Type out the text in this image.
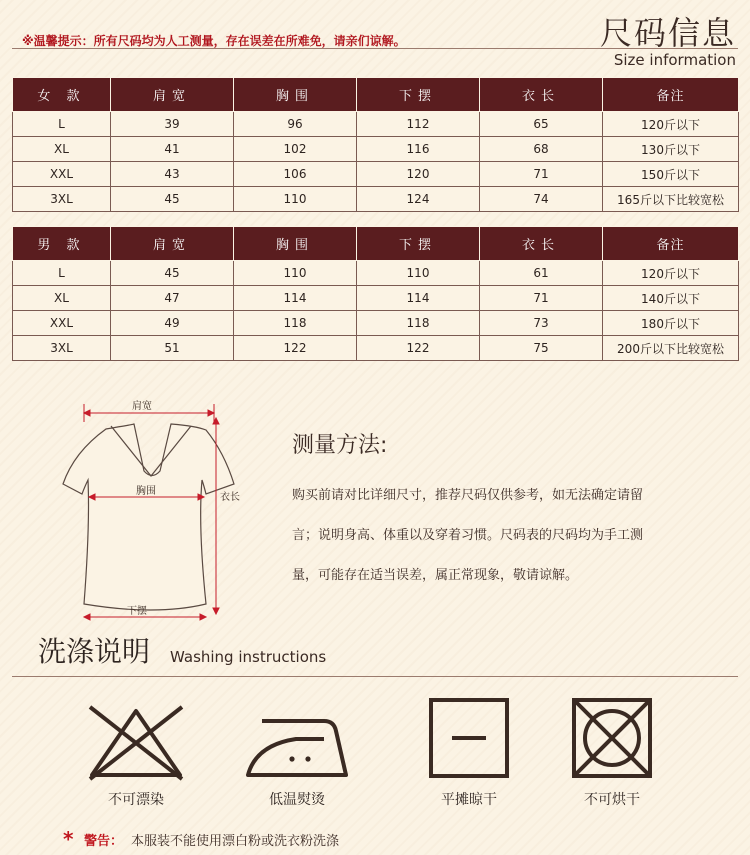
※温馨提示：所有尺码均为人工测量，存在误差在所难免，请亲们谅解。	尺码信息
Size information
女 款	肩宽	胸围	下摆	衣长	备注
L	39	96	112	65	120斤以下
XL	41	102	116	68	130斤以下
XXL	43	106	120	71	150斤以下
3XL	45	110	124	74	165斤以下比较宽松
男 款	肩宽	胸围	下摆	衣长	备注
L	45	110	110	61	120斤以下
XL	47	114	114	71	140斤以下
XXL	49	118	118	73	180斤以下
3XL	51	122	122	75	200斤以下比较宽松
肩宽
胸围
衣长
下摆
测量方法:
购买前请对比详细尺寸，推荐尺码仅供参考，如无法确定请留
言；说明身高、体重以及穿着习惯。尺码表的尺码均为手工测
量，可能存在适当误差，属正常现象，敬请谅解。
洗涤说明 Washing instructions
不可漂染	低温熨烫	平摊晾干	不可烘干
* 警告： 本服装不能使用漂白粉或洗衣粉洗涤
